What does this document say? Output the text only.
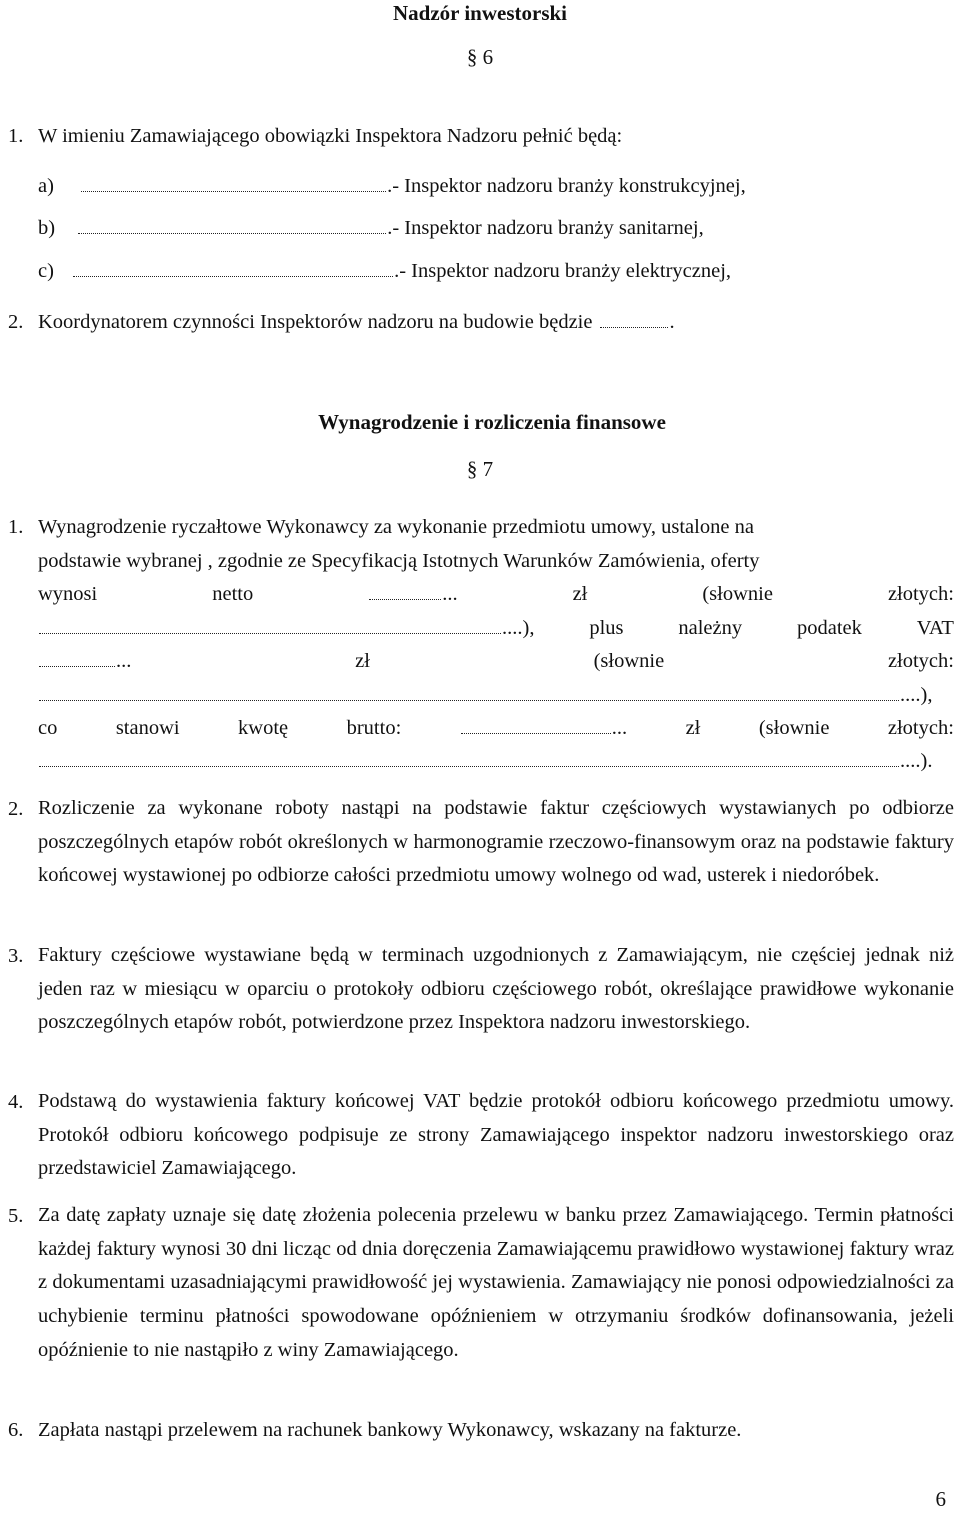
Nadzór inwestorski
§ 6
1. W imieniu Zamawiającego obowiązki Inspektora Nadzoru pełnić będą:
a)	.- Inspektor nadzoru branży konstrukcyjnej,
b)	.- Inspektor nadzoru branży sanitarnej,
c)	.- Inspektor nadzoru branży elektrycznej,
2. Koordynatorem czynności Inspektorów nadzoru na budowie będzie	.
Wynagrodzenie i rozliczenia finansowe
§ 7
1. Wynagrodzenie ryczałtowe Wykonawcy za wykonanie przedmiotu umowy, ustalone na
podstawie wybranej , zgodnie ze Specyfikacją Istotnych Warunków Zamówienia, oferty
wynosi	netto	...	zł	(słownie	złotych:
....),	plus	należny	podatek	VAT
...	zł	(słownie	złotych:
....),
co	stanowi	kwotę	brutto:	...	zł	(słownie	złotych:
....).
2. Rozliczenie za wykonane roboty nastąpi na podstawie faktur częściowych wystawianych po odbiorze poszczególnych etapów robót określonych w harmonogramie rzeczowo-finansowym oraz na podstawie faktury końcowej wystawionej po odbiorze całości przedmiotu umowy wolnego od wad, usterek i niedoróbek.

3. Faktury częściowe wystawiane będą w terminach uzgodnionych z Zamawiającym, nie częściej jednak niż jeden raz w miesiącu w oparciu o protokoły odbioru częściowego robót, określające prawidłowe wykonanie poszczególnych etapów robót, potwierdzone przez Inspektora nadzoru inwestorskiego.

4. Podstawą do wystawienia faktury końcowej VAT będzie protokół odbioru końcowego przedmiotu umowy. Protokół odbioru końcowego podpisuje ze strony Zamawiającego inspektor nadzoru inwestorskiego oraz przedstawiciel Zamawiającego.

5. Za datę zapłaty uznaje się datę złożenia polecenia przelewu w banku przez Zamawiającego. Termin płatności każdej faktury wynosi 30 dni licząc od dnia doręczenia Zamawiającemu prawidłowo wystawionej faktury wraz z dokumentami uzasadniającymi prawidłowość jej wystawienia. Zamawiający nie ponosi odpowiedzialności za uchybienie terminu płatności spowodowane opóźnieniem w otrzymaniu środków dofinansowania, jeżeli opóźnienie to nie nastąpiło z winy Zamawiającego.

6. Zapłata nastąpi przelewem na rachunek bankowy Wykonawcy, wskazany na fakturze.
6
